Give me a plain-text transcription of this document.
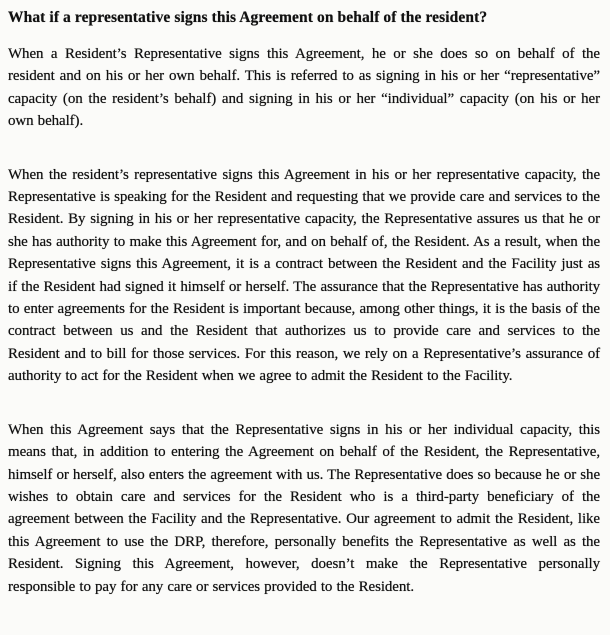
What if a representative signs this Agreement on behalf of the resident?

When a Resident’s Representative signs this Agreement, he or she does so on behalf of the resident and on his or her own behalf. This is referred to as signing in his or her “representative” capacity (on the resident’s behalf) and signing in his or her “individual” capacity (on his or her own behalf).

When the resident’s representative signs this Agreement in his or her representative capacity, the Representative is speaking for the Resident and requesting that we provide care and services to the Resident. By signing in his or her representative capacity, the Representative assures us that he or she has authority to make this Agreement for, and on behalf of, the Resident. As a result, when the Representative signs this Agreement, it is a contract between the Resident and the Facility just as if the Resident had signed it himself or herself. The assurance that the Representative has authority to enter agreements for the Resident is important because, among other things, it is the basis of the contract between us and the Resident that authorizes us to provide care and services to the Resident and to bill for those services. For this reason, we rely on a Representative’s assurance of authority to act for the Resident when we agree to admit the Resident to the Facility.

When this Agreement says that the Representative signs in his or her individual capacity, this means that, in addition to entering the Agreement on behalf of the Resident, the Representative, himself or herself, also enters the agreement with us. The Representative does so because he or she wishes to obtain care and services for the Resident who is a third-party beneficiary of the agreement between the Facility and the Representative. Our agreement to admit the Resident, like this Agreement to use the DRP, therefore, personally benefits the Representative as well as the Resident. Signing this Agreement, however, doesn’t make the Representative personally responsible to pay for any care or services provided to the Resident.
